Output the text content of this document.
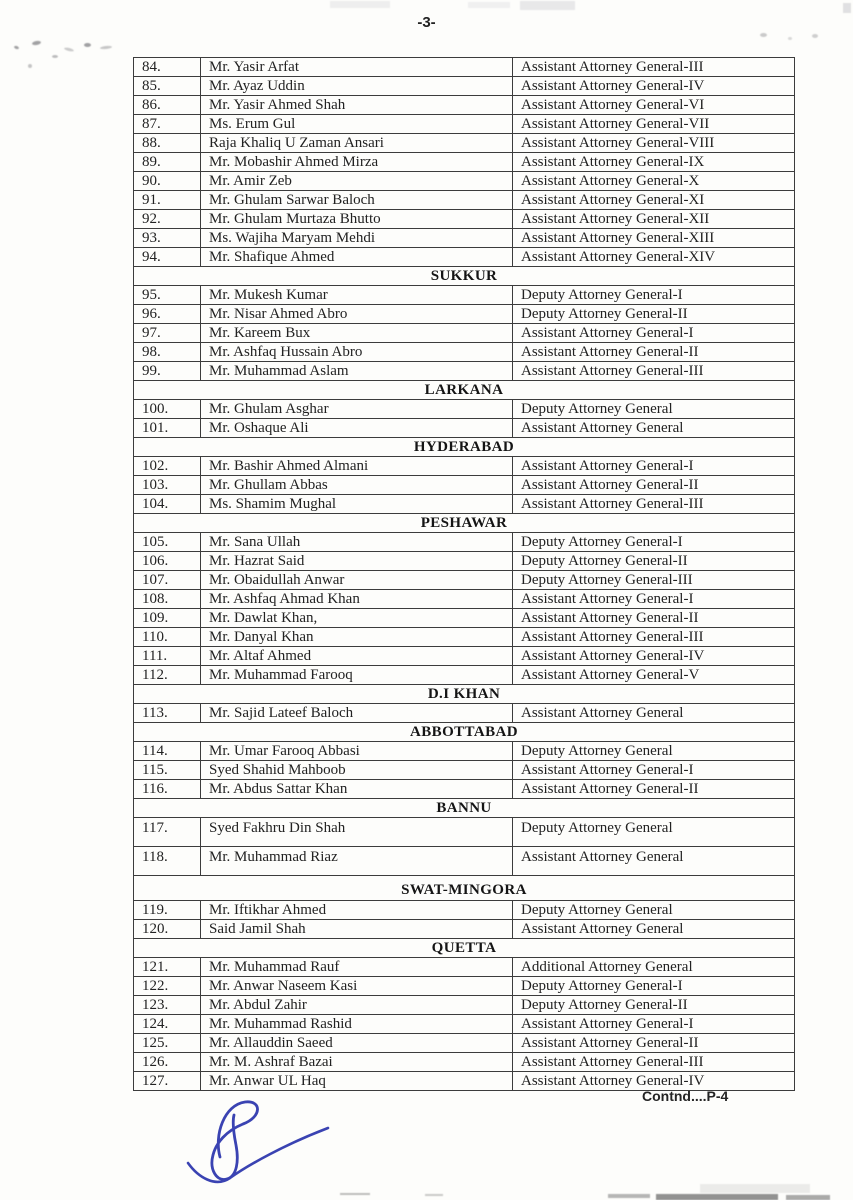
-3-
84.	Mr. Yasir Arfat	Assistant Attorney General-III
85.	Mr. Ayaz Uddin	Assistant Attorney General-IV
86.	Mr. Yasir Ahmed Shah	Assistant Attorney General-VI
87.	Ms. Erum Gul	Assistant Attorney General-VII
88.	Raja Khaliq U Zaman Ansari	Assistant Attorney General-VIII
89.	Mr. Mobashir Ahmed Mirza	Assistant Attorney General-IX
90.	Mr. Amir Zeb	Assistant Attorney General-X
91.	Mr. Ghulam Sarwar Baloch	Assistant Attorney General-XI
92.	Mr. Ghulam Murtaza Bhutto	Assistant Attorney General-XII
93.	Ms. Wajiha Maryam Mehdi	Assistant Attorney General-XIII
94.	Mr. Shafique Ahmed	Assistant Attorney General-XIV
SUKKUR		
95.	Mr. Mukesh Kumar	Deputy Attorney General-I
96.	Mr. Nisar Ahmed Abro	Deputy Attorney General-II
97.	Mr. Kareem Bux	Assistant Attorney General-I
98.	Mr. Ashfaq Hussain Abro	Assistant Attorney General-II
99.	Mr. Muhammad Aslam	Assistant Attorney General-III
LARKANA		
100.	Mr. Ghulam Asghar	Deputy Attorney General
101.	Mr. Oshaque Ali	Assistant Attorney General
HYDERABAD		
102.	Mr. Bashir Ahmed Almani	Assistant Attorney General-I
103.	Mr. Ghullam Abbas	Assistant Attorney General-II
104.	Ms. Shamim Mughal	Assistant Attorney General-III
PESHAWAR		
105.	Mr. Sana Ullah	Deputy Attorney General-I
106.	Mr. Hazrat Said	Deputy Attorney General-II
107.	Mr. Obaidullah Anwar	Deputy Attorney General-III
108.	Mr. Ashfaq Ahmad Khan	Assistant Attorney General-I
109.	Mr. Dawlat Khan,	Assistant Attorney General-II
110.	Mr. Danyal Khan	Assistant Attorney General-III
111.	Mr. Altaf Ahmed	Assistant Attorney General-IV
112.	Mr. Muhammad Farooq	Assistant Attorney General-V
D.I KHAN		
113.	Mr. Sajid Lateef Baloch	Assistant Attorney General
ABBOTTABAD		
114.	Mr. Umar Farooq Abbasi	Deputy Attorney General
115.	Syed Shahid Mahboob	Assistant Attorney General-I
116.	Mr. Abdus Sattar Khan	Assistant Attorney General-II
BANNU		
117.	Syed Fakhru Din Shah	Deputy Attorney General
118.	Mr. Muhammad Riaz	Assistant Attorney General
SWAT-MINGORA		
119.	Mr. Iftikhar Ahmed	Deputy Attorney General
120.	Said Jamil Shah	Assistant Attorney General
QUETTA		
121.	Mr. Muhammad Rauf	Additional Attorney General
122.	Mr. Anwar Naseem Kasi	Deputy Attorney General-I
123.	Mr. Abdul Zahir	Deputy Attorney General-II
124.	Mr. Muhammad Rashid	Assistant Attorney General-I
125.	Mr. Allauddin Saeed	Assistant Attorney General-II
126.	Mr. M. Ashraf Bazai	Assistant Attorney General-III
127.	Mr. Anwar UL Haq	Assistant Attorney General-IV
Contnd....P-4
